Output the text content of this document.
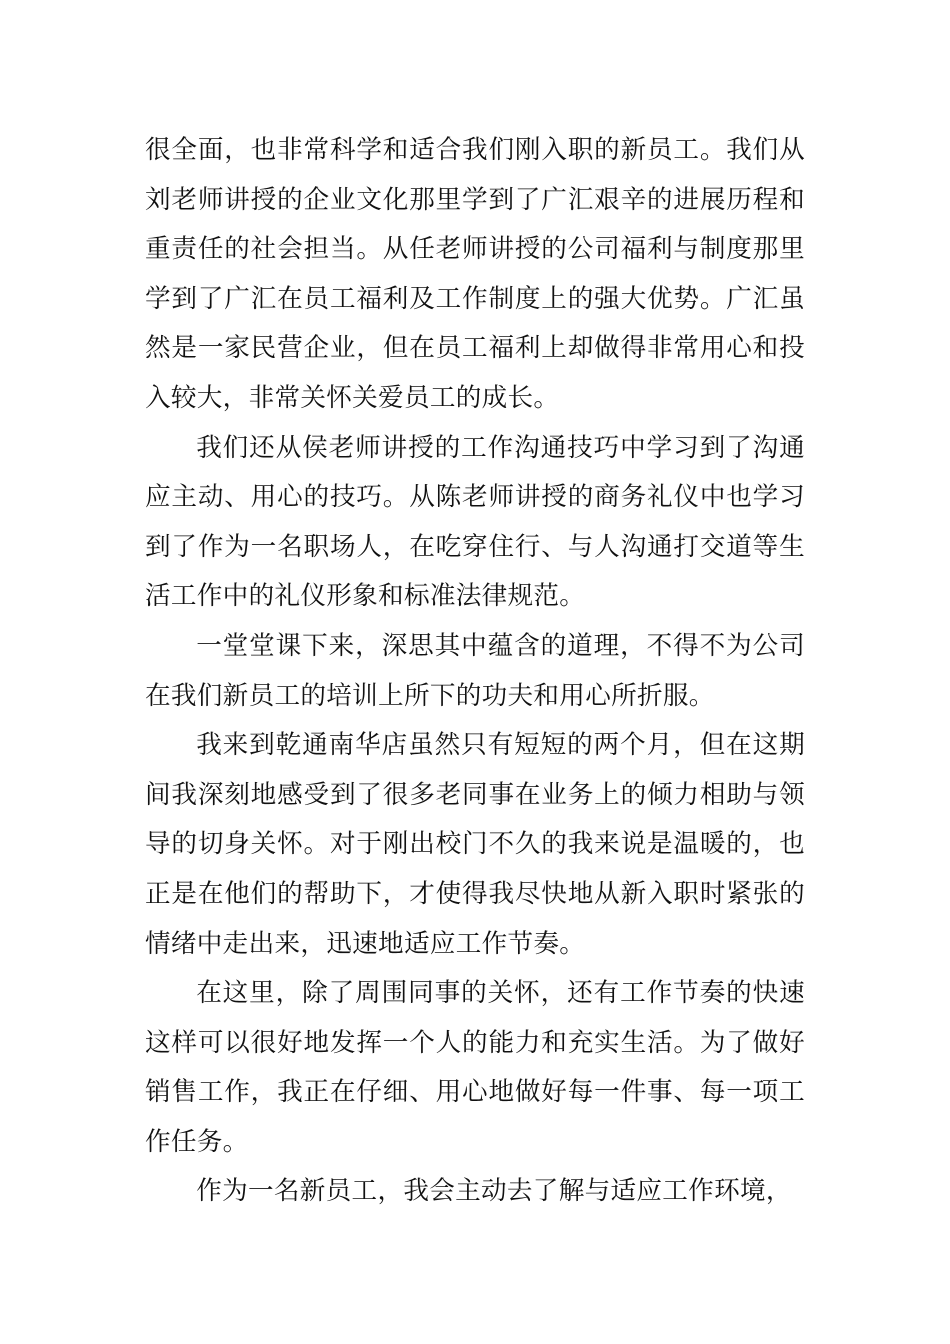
很全面，也非常科学和适合我们刚入职的新员工。我们从刘老师讲授的企业文化那里学到了广汇艰辛的进展历程和重责任的社会担当。从任老师讲授的公司福利与制度那里学到了广汇在员工福利及工作制度上的强大优势。广汇虽然是一家民营企业，但在员工福利上却做得非常用心和投入较大，非常关怀关爱员工的成长。

我们还从侯老师讲授的工作沟通技巧中学习到了沟通应主动、用心的技巧。从陈老师讲授的商务礼仪中也学习到了作为一名职场人，在吃穿住行、与人沟通打交道等生活工作中的礼仪形象和标准法律规范。

一堂堂课下来，深思其中蕴含的道理，不得不为公司在我们新员工的培训上所下的功夫和用心所折服。

我来到乾通南华店虽然只有短短的两个月，但在这期间我深刻地感受到了很多老同事在业务上的倾力相助与领导的切身关怀。对于刚出校门不久的我来说是温暖的，也正是在他们的帮助下，才使得我尽快地从新入职时紧张的情绪中走出来，迅速地适应工作节奏。

在这里，除了周围同事的关怀，还有工作节奏的快速这样可以很好地发挥一个人的能力和充实生活。为了做好销售工作，我正在仔细、用心地做好每一件事、每一项工作任务。

作为一名新员工，我会主动去了解与适应工作环境，
